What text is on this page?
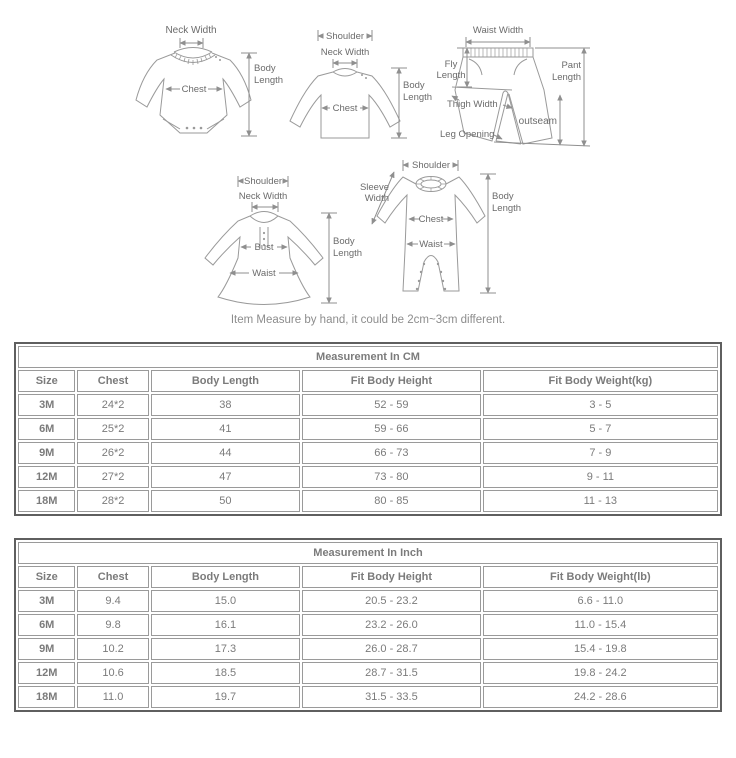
Neck Width
Chest
Body
Length
Shoulder
Neck Width
Chest
Body
Length
Waist Width
Fly
Length
Thigh Width
outseam
Leg Opening
Pant
Length
Shoulder
Neck Width
Bust
Waist
Body
Length
Shoulder
Sleeve
Width
Chest
Waist
Body
Length
Item Measure by hand, it could be 2cm~3cm different.
Measurement In CM				
Size	Chest	Body Length	Fit Body Height	Fit Body Weight(kg)
3M	24*2	38	52 - 59	3 - 5
6M	25*2	41	59 - 66	5 - 7
9M	26*2	44	66 - 73	7 - 9
12M	27*2	47	73 - 80	9 - 11
18M	28*2	50	80 - 85	11 - 13
Measurement In Inch				
Size	Chest	Body Length	Fit Body Height	Fit Body Weight(lb)
3M	9.4	15.0	20.5 - 23.2	6.6 - 11.0
6M	9.8	16.1	23.2 - 26.0	11.0 - 15.4
9M	10.2	17.3	26.0 - 28.7	15.4 - 19.8
12M	10.6	18.5	28.7 - 31.5	19.8 - 24.2
18M	11.0	19.7	31.5 - 33.5	24.2 - 28.6
